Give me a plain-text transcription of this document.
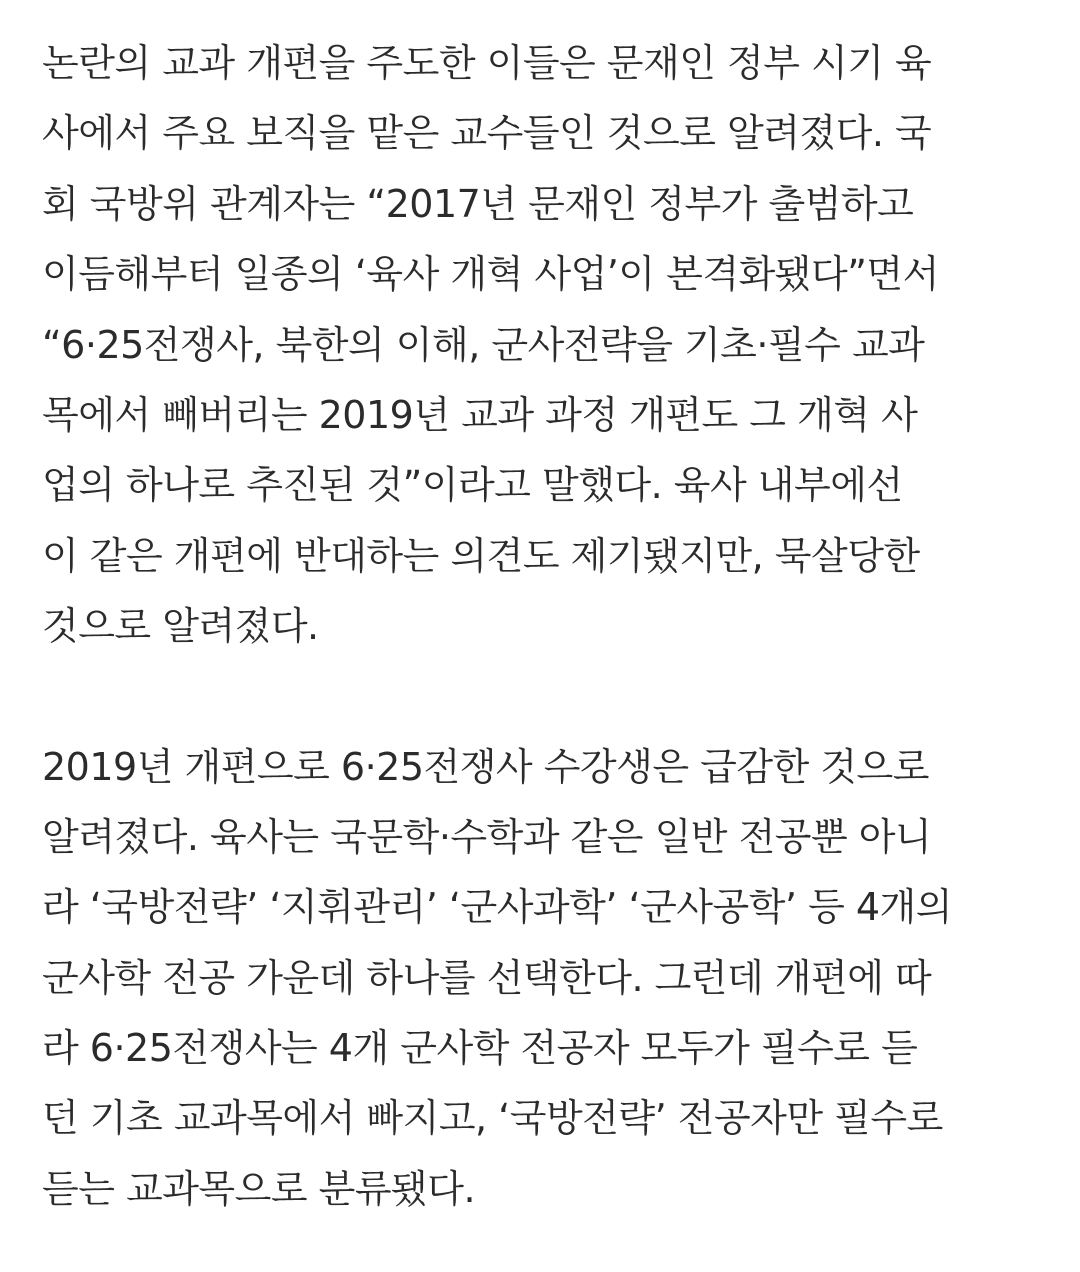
논란의 교과 개편을 주도한 이들은 문재인 정부 시기 육
사에서 주요 보직을 맡은 교수들인 것으로 알려졌다. 국
회 국방위 관계자는 “2017년 문재인 정부가 출범하고
이듬해부터 일종의 ‘육사 개혁 사업’이 본격화됐다”면서
“6·25전쟁사, 북한의 이해, 군사전략을 기초·필수 교과
목에서 빼버리는 2019년 교과 과정 개편도 그 개혁 사
업의 하나로 추진된 것”이라고 말했다. 육사 내부에선
이 같은 개편에 반대하는 의견도 제기됐지만, 묵살당한
것으로 알려졌다.

2019년 개편으로 6·25전쟁사 수강생은 급감한 것으로
알려졌다. 육사는 국문학·수학과 같은 일반 전공뿐 아니
라 ‘국방전략’ ‘지휘관리’ ‘군사과학’ ‘군사공학’ 등 4개의
군사학 전공 가운데 하나를 선택한다. 그런데 개편에 따
라 6·25전쟁사는 4개 군사학 전공자 모두가 필수로 듣
던 기초 교과목에서 빠지고, ‘국방전략’ 전공자만 필수로
듣는 교과목으로 분류됐다.
